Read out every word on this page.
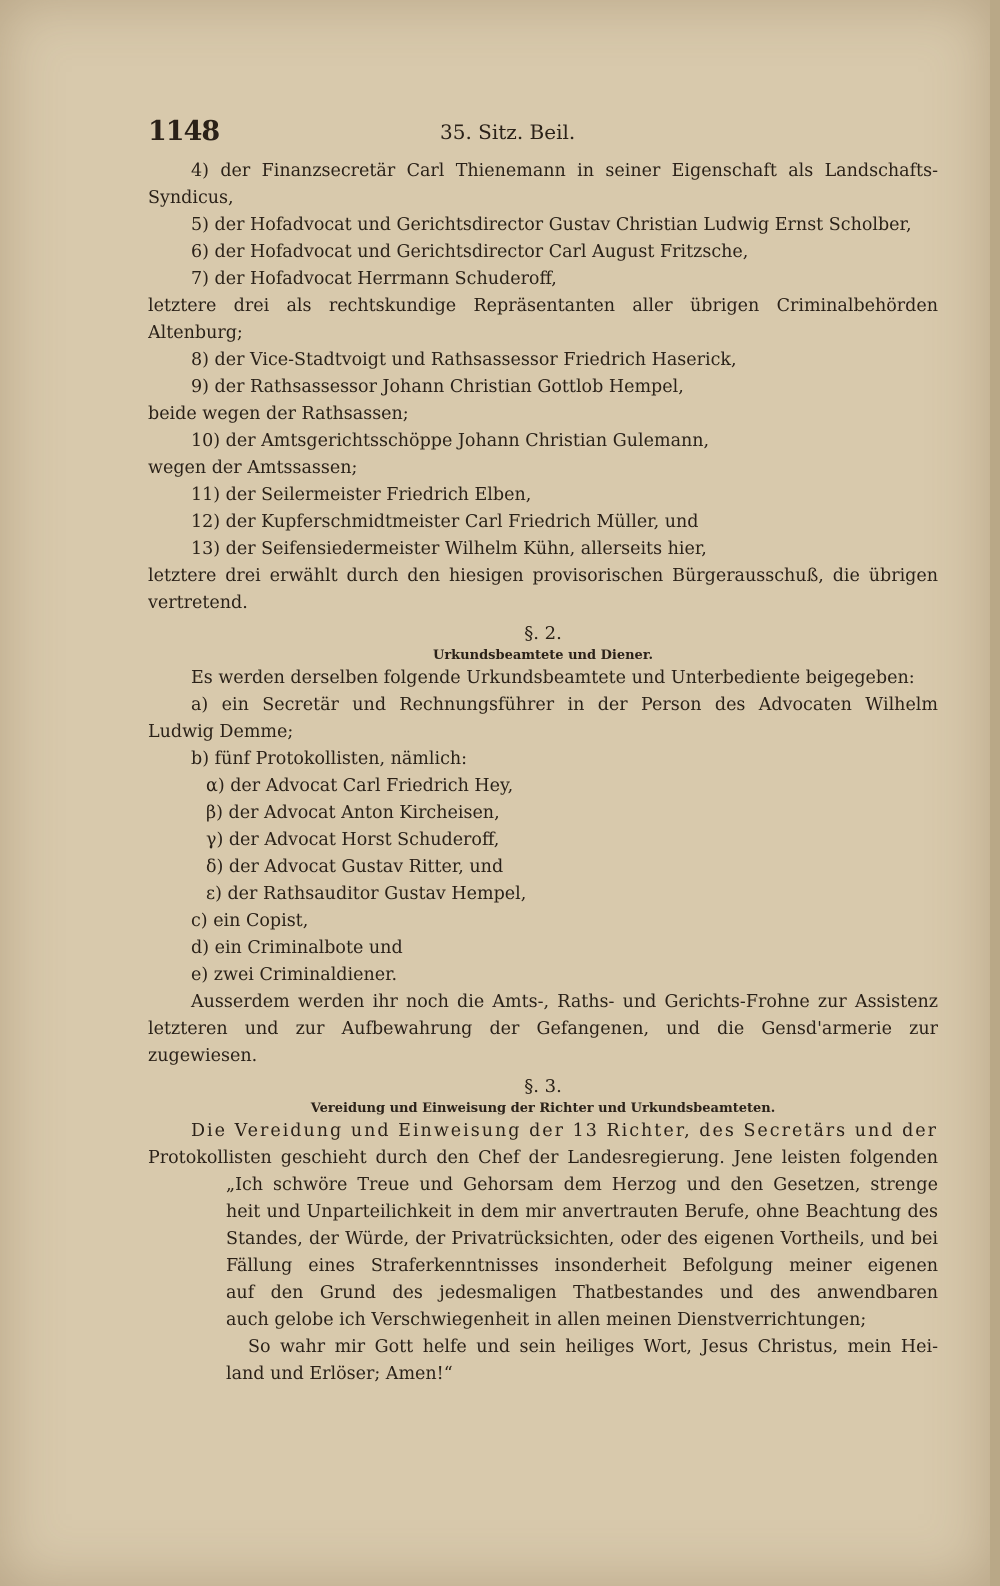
1148	35. Sitz. Beil.
4) der Finanzsecretär Carl Thienemann in seiner Eigenschaft als Landschafts-
Syndicus,
5) der Hofadvocat und Gerichtsdirector Gustav Christian Ludwig Ernst Scholber,
6) der Hofadvocat und Gerichtsdirector Carl August Fritzsche,
7) der Hofadvocat Herrmann Schuderoff,
letztere drei als rechtskundige Repräsentanten aller übrigen Criminalbehörden
Altenburg;
8) der Vice-Stadtvoigt und Rathsassessor Friedrich Haserick,
9) der Rathsassessor Johann Christian Gottlob Hempel,
beide wegen der Rathsassen;
10) der Amtsgerichtsschöppe Johann Christian Gulemann,
wegen der Amtssassen;
11) der Seilermeister Friedrich Elben,
12) der Kupferschmidtmeister Carl Friedrich Müller, und
13) der Seifensiedermeister Wilhelm Kühn, allerseits hier,
letztere drei erwählt durch den hiesigen provisorischen Bürgerausschuß, die übrigen
vertretend.
§. 2.
Urkundsbeamtete und Diener.
Es werden derselben folgende Urkundsbeamtete und Unterbediente beigegeben:
a) ein Secretär und Rechnungsführer in der Person des Advocaten Wilhelm
Ludwig Demme;
b) fünf Protokollisten, nämlich:
α) der Advocat Carl Friedrich Hey,
β) der Advocat Anton Kircheisen,
γ) der Advocat Horst Schuderoff,
δ) der Advocat Gustav Ritter, und
ε) der Rathsauditor Gustav Hempel,
c) ein Copist,
d) ein Criminalbote und
e) zwei Criminaldiener.
Ausserdem werden ihr noch die Amts-, Raths- und Gerichts-Frohne zur Assistenz
letzteren und zur Aufbewahrung der Gefangenen, und die Gensd'armerie zur
zugewiesen.
§. 3.
Vereidung und Einweisung der Richter und Urkundsbeamteten.
Die Vereidung und Einweisung der 13 Richter, des Secretärs und der
Protokollisten geschieht durch den Chef der Landesregierung. Jene leisten folgenden
„Ich schwöre Treue und Gehorsam dem Herzog und den Gesetzen, strenge
heit und Unparteilichkeit in dem mir anvertrauten Berufe, ohne Beachtung des
Standes, der Würde, der Privatrücksichten, oder des eigenen Vortheils, und bei
Fällung eines Straferkenntnisses insonderheit Befolgung meiner eigenen
auf den Grund des jedesmaligen Thatbestandes und des anwendbaren
auch gelobe ich Verschwiegenheit in allen meinen Dienstverrichtungen;
So wahr mir Gott helfe und sein heiliges Wort, Jesus Christus, mein Hei-
land und Erlöser; Amen!“
